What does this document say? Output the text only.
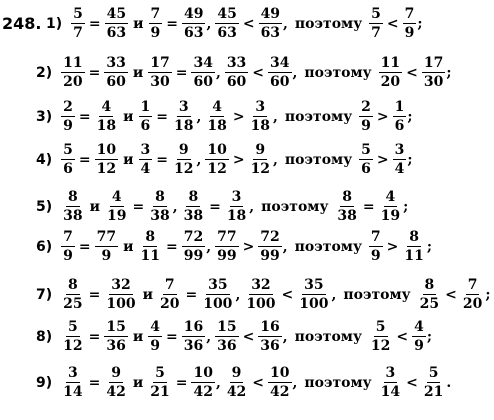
248. $1) \frac{5}{7} = \frac{45}{63}$ и $\frac{7}{9} = \frac{49}{63}$ , $\frac{45}{63} < \frac{49}{63}$ , поэтому $\frac{5}{7} < \frac{7}{9}$ ;
$2) \frac{11}{20} = \frac{33}{60}$ и $\frac{17}{30} = \frac{34}{60}$ , $\frac{33}{60} < \frac{34}{60}$ , поэтому $\frac{11}{20} < \frac{17}{30}$ ;
$3) \frac{2}{9} = \frac{4}{18}$ и $\frac{1}{6} = \frac{3}{18}$ , $\frac{4}{18} > \frac{3}{18}$ , поэтому $\frac{2}{9} > \frac{1}{6}$ ;
$4) \frac{5}{6} = \frac{10}{12}$ и $\frac{3}{4} = \frac{9}{12}$ , $\frac{10}{12} > \frac{9}{12}$ , поэтому $\frac{5}{6} > \frac{3}{4}$ ;
$5) \frac{8}{38}$ и $\frac{4}{19} = \frac{8}{38}$ , $\frac{8}{38} = \frac{3}{18}$ , поэтому $\frac{8}{38} = \frac{4}{19}$ ;
$6) \frac{7}{9} = \frac{77}{9}$ и $\frac{8}{11} = \frac{72}{99}$ , $\frac{77}{99} > \frac{72}{99}$ , поэтому $\frac{7}{9} > \frac{8}{11}$ ;
$7) \frac{8}{25} = \frac{32}{100}$ и $\frac{7}{20} = \frac{35}{100}$ , $\frac{32}{100} < \frac{35}{100}$ , поэтому $\frac{8}{25} < \frac{7}{20}$ ;
$8) \frac{5}{12} = \frac{15}{36}$ и $\frac{4}{9} = \frac{16}{36}$ , $\frac{15}{36} < \frac{16}{36}$ , поэтому $\frac{5}{12} < \frac{4}{9}$ ;
$9) \frac{3}{14} = \frac{9}{42}$ и $\frac{5}{21} = \frac{10}{42}$ , $\frac{9}{42} < \frac{10}{42}$ , поэтому $\frac{3}{14} < \frac{5}{21}$ .
